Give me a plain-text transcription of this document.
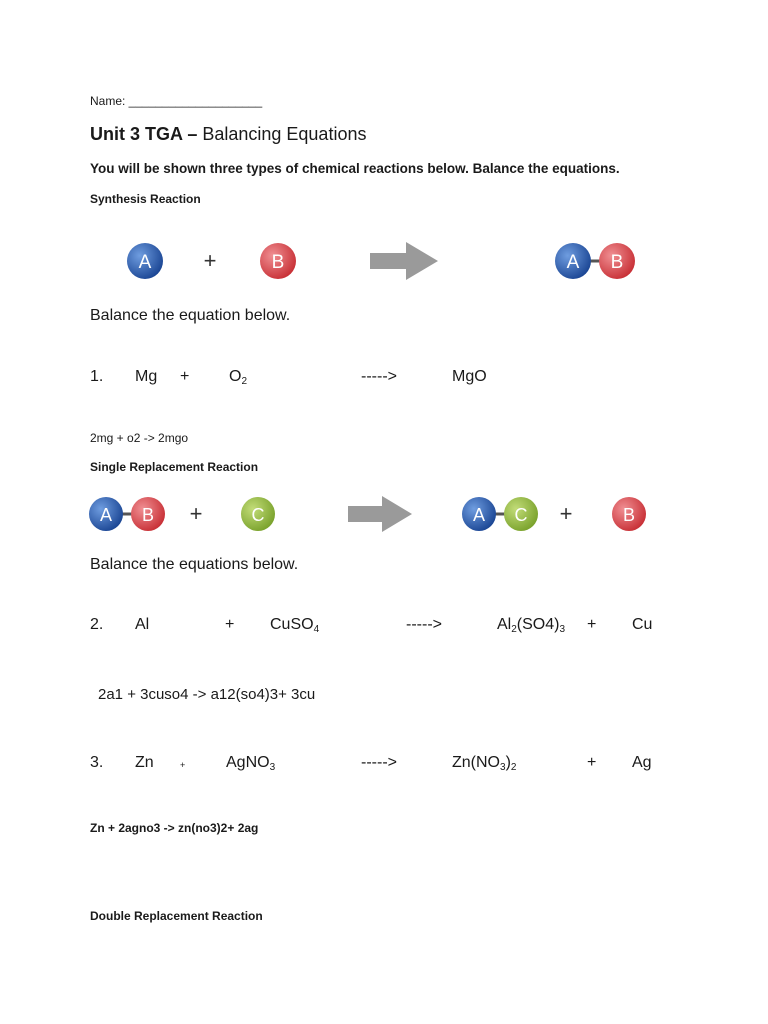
Name: ____________________
Unit 3 TGA – Balancing Equations
You will be shown three types of chemical reactions below. Balance the equations.
Synthesis Reaction
A +	B	A B
Balance the equation below.
1. $Mg + O_2$	----->	MgO
2mg + o2 -> 2mgo
Single Replacement Reaction
A B +	C	A C +	B
Balance the equations below.
2. Al	+ CuSO$_4$	----->	$Al_2(SO4)_3 + Cu$
2a1 + 3cuso4 -> a12(so4)3+ 3cu
3. Zn	+	AgNO$_3$	----->	$Zn(NO_3)_2$	+ Ag
Zn + 2agno3 -> zn(no3)2+ 2ag
Double Replacement Reaction
